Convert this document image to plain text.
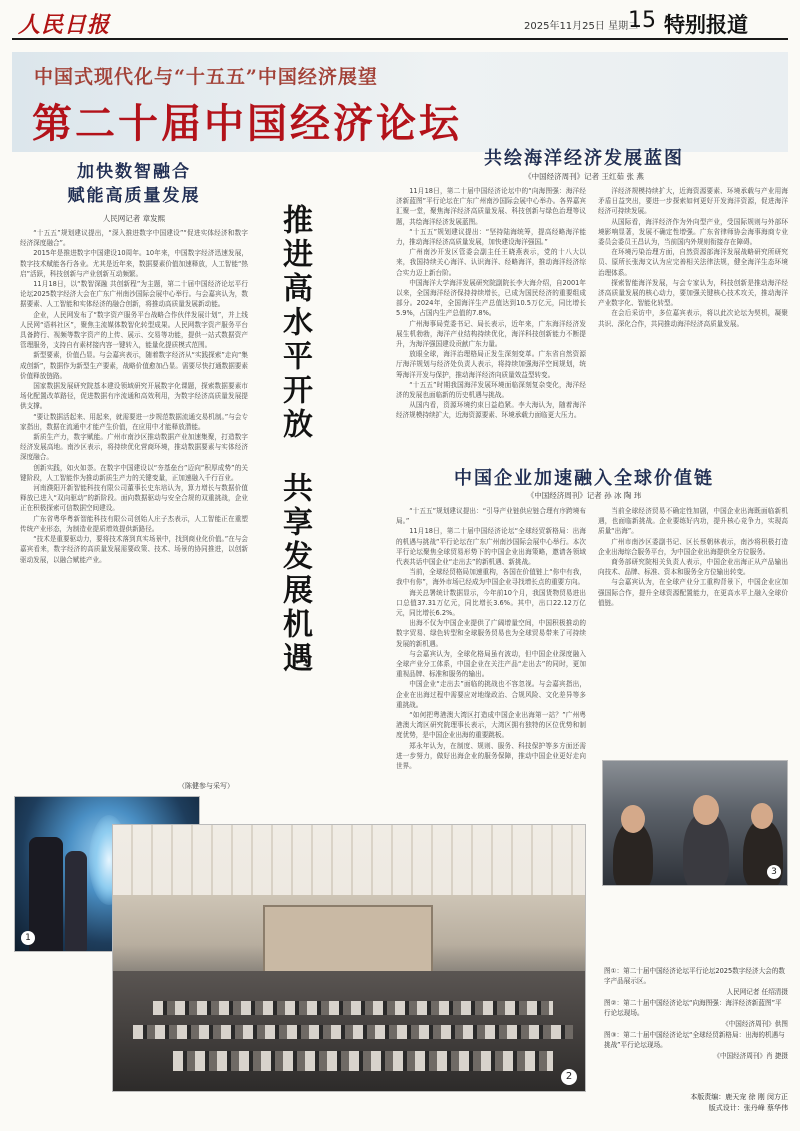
人民日报	2025年11月25日 星期二
15 特别报道
中国式现代化与“十五五”中国经济展望
第二十届中国经济论坛
加快数智融合
赋能高质量发展
人民网记者 章发熙

“十五五”规划建议提出，“深入推进数字中国建设”“促进实体经济和数字经济深度融合”。

2015年是推进数字中国建设10周年。10年来，中国数字经济迅速发展，数字技术赋能各行各业。尤其是近年来，数据要素价值加速释放，人工智能“热启”活跃，科技创新与产业创新互动频繁。

11月18日，以“数智深融 共创新程”为主题，第二十届中国经济论坛平行论坛2025数字经济大会在广东广州南沙国际会展中心举行。与会嘉宾认为，数据要素、人工智能和实体经济的融合创新，将推动高质量发展新动能。

企业，人民网发布了“数字资产服务平台战略合作伙伴发展计划”，并上线人民网“语料社区”，聚焦主流媒体数智化转型成果。人民网数字资产服务平台具备跨行、视频等数字资产的上传、展示、交易等功能，提供一站式数据资产管理服务，支持自有素材接内容一键转入，能量化提质模式范围。

新型要素，价值凸显。与会嘉宾表示，随着数字经济从“实践探索”走向“集成创新”，数据作为新型生产要素，战略价值愈加凸显。需要尽快打通数据要素价值释放链路。

国家数据发展研究院基本建设领域研究开展数字化课题，探索数据要素市场化配置改革路径，促进数据有序流通和高效利用，为数字经济高质量发展提供支撑。

“要让数据活起来、用起来，就需要进一步规范数据流通交易机制。”与会专家指出，数据在流通中才能产生价值，在应用中才能释放潜能。

新质生产力，数字赋能。广州市南沙区推动数据产业加速集聚，打造数字经济发展高地。南沙区表示，将持续优化营商环境，推动数据要素与实体经济深度融合。

创新实践，如火如荼。在数字中国建设以“夯基垒台”迈向“积厚成势”的关键阶段，人工智能作为推动新质生产力的关键变量，正加速融入千行百业。

河南濮阳开新智能科技有限公司董事长史东培认为，算力增长与数据价值释放已进入“双向驱动”的新阶段。面向数据驱动与安全合规的双重挑战，企业正在积极探索可信数据空间建设。

广东省粤华粤新智能科技有限公司创始人庄子杰表示，人工智能正在重塑传统产业形态，为制造业提质增效提供新路径。

“技术是重要驱动力，要将技术落到真实场景中，找到商业化价值。”在与会嘉宾看来，数字经济的高质量发展需要政策、技术、场景的协同推进，以创新驱动发展，以融合赋能产业。

（陈健参与采写）
推进高水平开放共享发展机遇
共绘海洋经济发展蓝图
《中国经济周刊》记者 王红茹 张 燕

11月18日，第二十届中国经济论坛中的“向海图强：海洋经济新蓝图”平行论坛在广东广州南沙国际会展中心举办。各界嘉宾汇聚一堂，聚焦海洋经济高质量发展、科技创新与绿色治理等议题，共绘海洋经济发展蓝图。

“十五五”规划建议提出：“坚持陆海统筹，提高经略海洋能力，推动海洋经济高质量发展，加快建设海洋强国。”

广州南沙开发区管委会副主任王晓燕表示，党的十八大以来，我国持续关心海洋、认识海洋、经略海洋，推动海洋经济综合实力迈上新台阶。

中国海洋大学海洋发展研究院副院长李大海介绍，自2001年以来，全国海洋经济保持持续增长，已成为国民经济的重要组成部分。2024年，全国海洋生产总值达到10.5万亿元，同比增长5.9%，占国内生产总值的7.8%。

广州海事局党委书记、局长表示，近年来，广东海洋经济发展生机勃勃，海洋产业结构持续优化，海洋科技创新能力不断提升，为海洋强国建设贡献广东力量。

放眼全球，海洋治理格局正发生深刻变革。广东省自然资源厅海洋规划与经济处负责人表示，将持续加强海洋空间规划，统筹海洋开发与保护，推动海洋经济向质量效益型转变。

“十五五”时期我国海洋发展环境面临深刻复杂变化，海洋经济的发展也面临新的历史机遇与挑战。

从国内看，资源环境约束日益趋紧。李大海认为，随着海洋经济规模持续扩大，近海资源要素、环境承载力面临更大压力。

洋经济规模持续扩大，近海资源要素、环境承载与产业用海矛盾日益突出，要进一步探索如何更好开发海洋资源，促进海洋经济可持续发展。

从国际看，海洋经济作为外向型产业，受国际规则与外部环境影响显著，发展不确定性增强。广东省律师协会海事海商专业委员会委员王昌认为，当前国内外规则衔接存在障碍。

在环境污染治理方面，自然资源部海洋发展战略研究所研究员、原所长张海文认为应完善相关法律法规，健全海洋生态环境治理体系。

探索智能海洋发展，与会专家认为，科技创新是推动海洋经济高质量发展的核心动力，要加强关键核心技术攻关，推动海洋产业数字化、智能化转型。

在会后采访中，多位嘉宾表示，将以此次论坛为契机，凝聚共识、深化合作，共同推动海洋经济高质量发展。

中国企业加速融入全球价值链
《中国经济周刊》记者 孙 冰 陶 玮

“十五五”规划建议提出：“引导产业链供应链合理有序跨境布局。”

11月18日，第二十届中国经济论坛“全球经贸新格局：出海的机遇与挑战”平行论坛在广东广州南沙国际会展中心举行。本次平行论坛聚焦全球贸易形势下的中国企业出海策略，邀请各领域代表共话中国企业“走出去”的新机遇、新挑战。

当前，全球经贸格局加速重构，各国在价值链上“你中有我，我中有你”，海外市场已经成为中国企业寻找增长点的重要方向。

海关总署统计数据显示，今年前10个月，我国货物贸易进出口总值37.31万亿元，同比增长3.6%。其中，出口22.12万亿元，同比增长6.2%。

出海不仅为中国企业提供了广阔增量空间，中国积极推动的数字贸易、绿色转型和全球服务贸易也为全球贸易带来了可持续发展的新机遇。

与会嘉宾认为，全球化格局虽有波动，但中国企业深度融入全球产业分工体系，中国企业在关注产品“走出去”的同时，更加重视品牌、标准和服务的输出。

中国企业“走出去”面临的挑战也不容忽视。与会嘉宾指出，企业在出海过程中需要应对地缘政治、合规风险、文化差异等多重挑战。

“如何把粤港澳大湾区打造成中国企业出海第一站？”广州粤港澳大湾区研究院理事长表示，大湾区拥有独特的区位优势和制度优势，是中国企业出海的重要跳板。

郑永年认为，在制度、规则、服务、科技保护等多方面还需进一步努力，做好出海企业的服务保障，推动中国企业更好走向世界。

当前全球经济贸易不确定性加剧，中国企业出海既面临新机遇，也面临新挑战。企业要练好内功，提升核心竞争力，实现高质量“出海”。

广州市南沙区委副书记、区长蔡朝林表示，南沙将积极打造企业出海综合服务平台，为中国企业出海提供全方位服务。

商务部研究院相关负责人表示，中国企业出海正从产品输出向技术、品牌、标准、资本和服务全方位输出转变。

与会嘉宾认为，在全球产业分工重构背景下，中国企业应加强国际合作，提升全球资源配置能力，在更高水平上融入全球价值链。

1
2
3

图①：第二十届中国经济论坛平行论坛2025数字经济大会的数字产品展示区。

人民网记者 任绍清摄

图②：第二十届中国经济论坛“向海图强：海洋经济新蓝图”平行论坛现场。

《中国经济周刊》供图

图③：第二十届中国经济论坛“全球经贸新格局：出海的机遇与挑战”平行论坛现场。

《中国经济周刊》肖 捷摄

本版责编：鹿天宠 徐 刚 闵方正
版式设计：张丹峰 蔡华伟
